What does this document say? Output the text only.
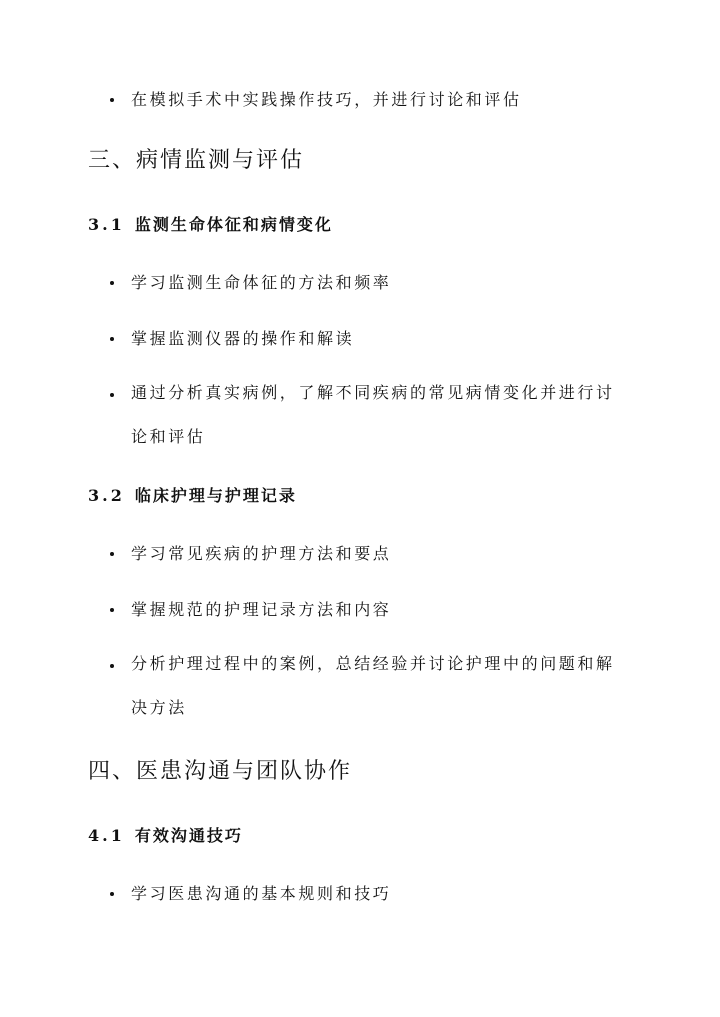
在模拟手术中实践操作技巧，并进行讨论和评估
三、病情监测与评估
3.1 监测生命体征和病情变化
学习监测生命体征的方法和频率
掌握监测仪器的操作和解读
通过分析真实病例，了解不同疾病的常见病情变化并进行讨论和评估
3.2 临床护理与护理记录
学习常见疾病的护理方法和要点
掌握规范的护理记录方法和内容
分析护理过程中的案例，总结经验并讨论护理中的问题和解决方法
四、医患沟通与团队协作
4.1 有效沟通技巧
学习医患沟通的基本规则和技巧
